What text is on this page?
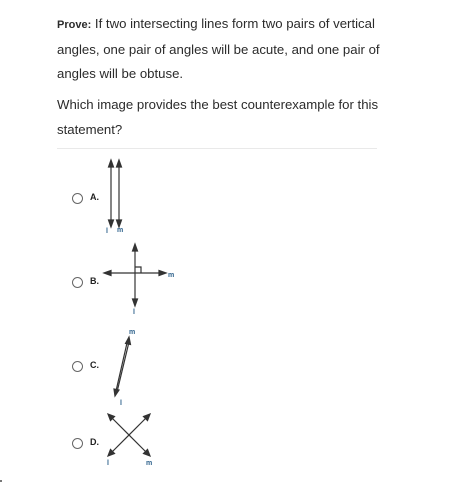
Prove: If two intersecting lines form two pairs of vertical angles, one pair of angles will be acute, and one pair of angles will be obtuse.
Which image provides the best counterexample for this statement?
A.
l m
B.
m
l
C.
m
l
D.
l	m
